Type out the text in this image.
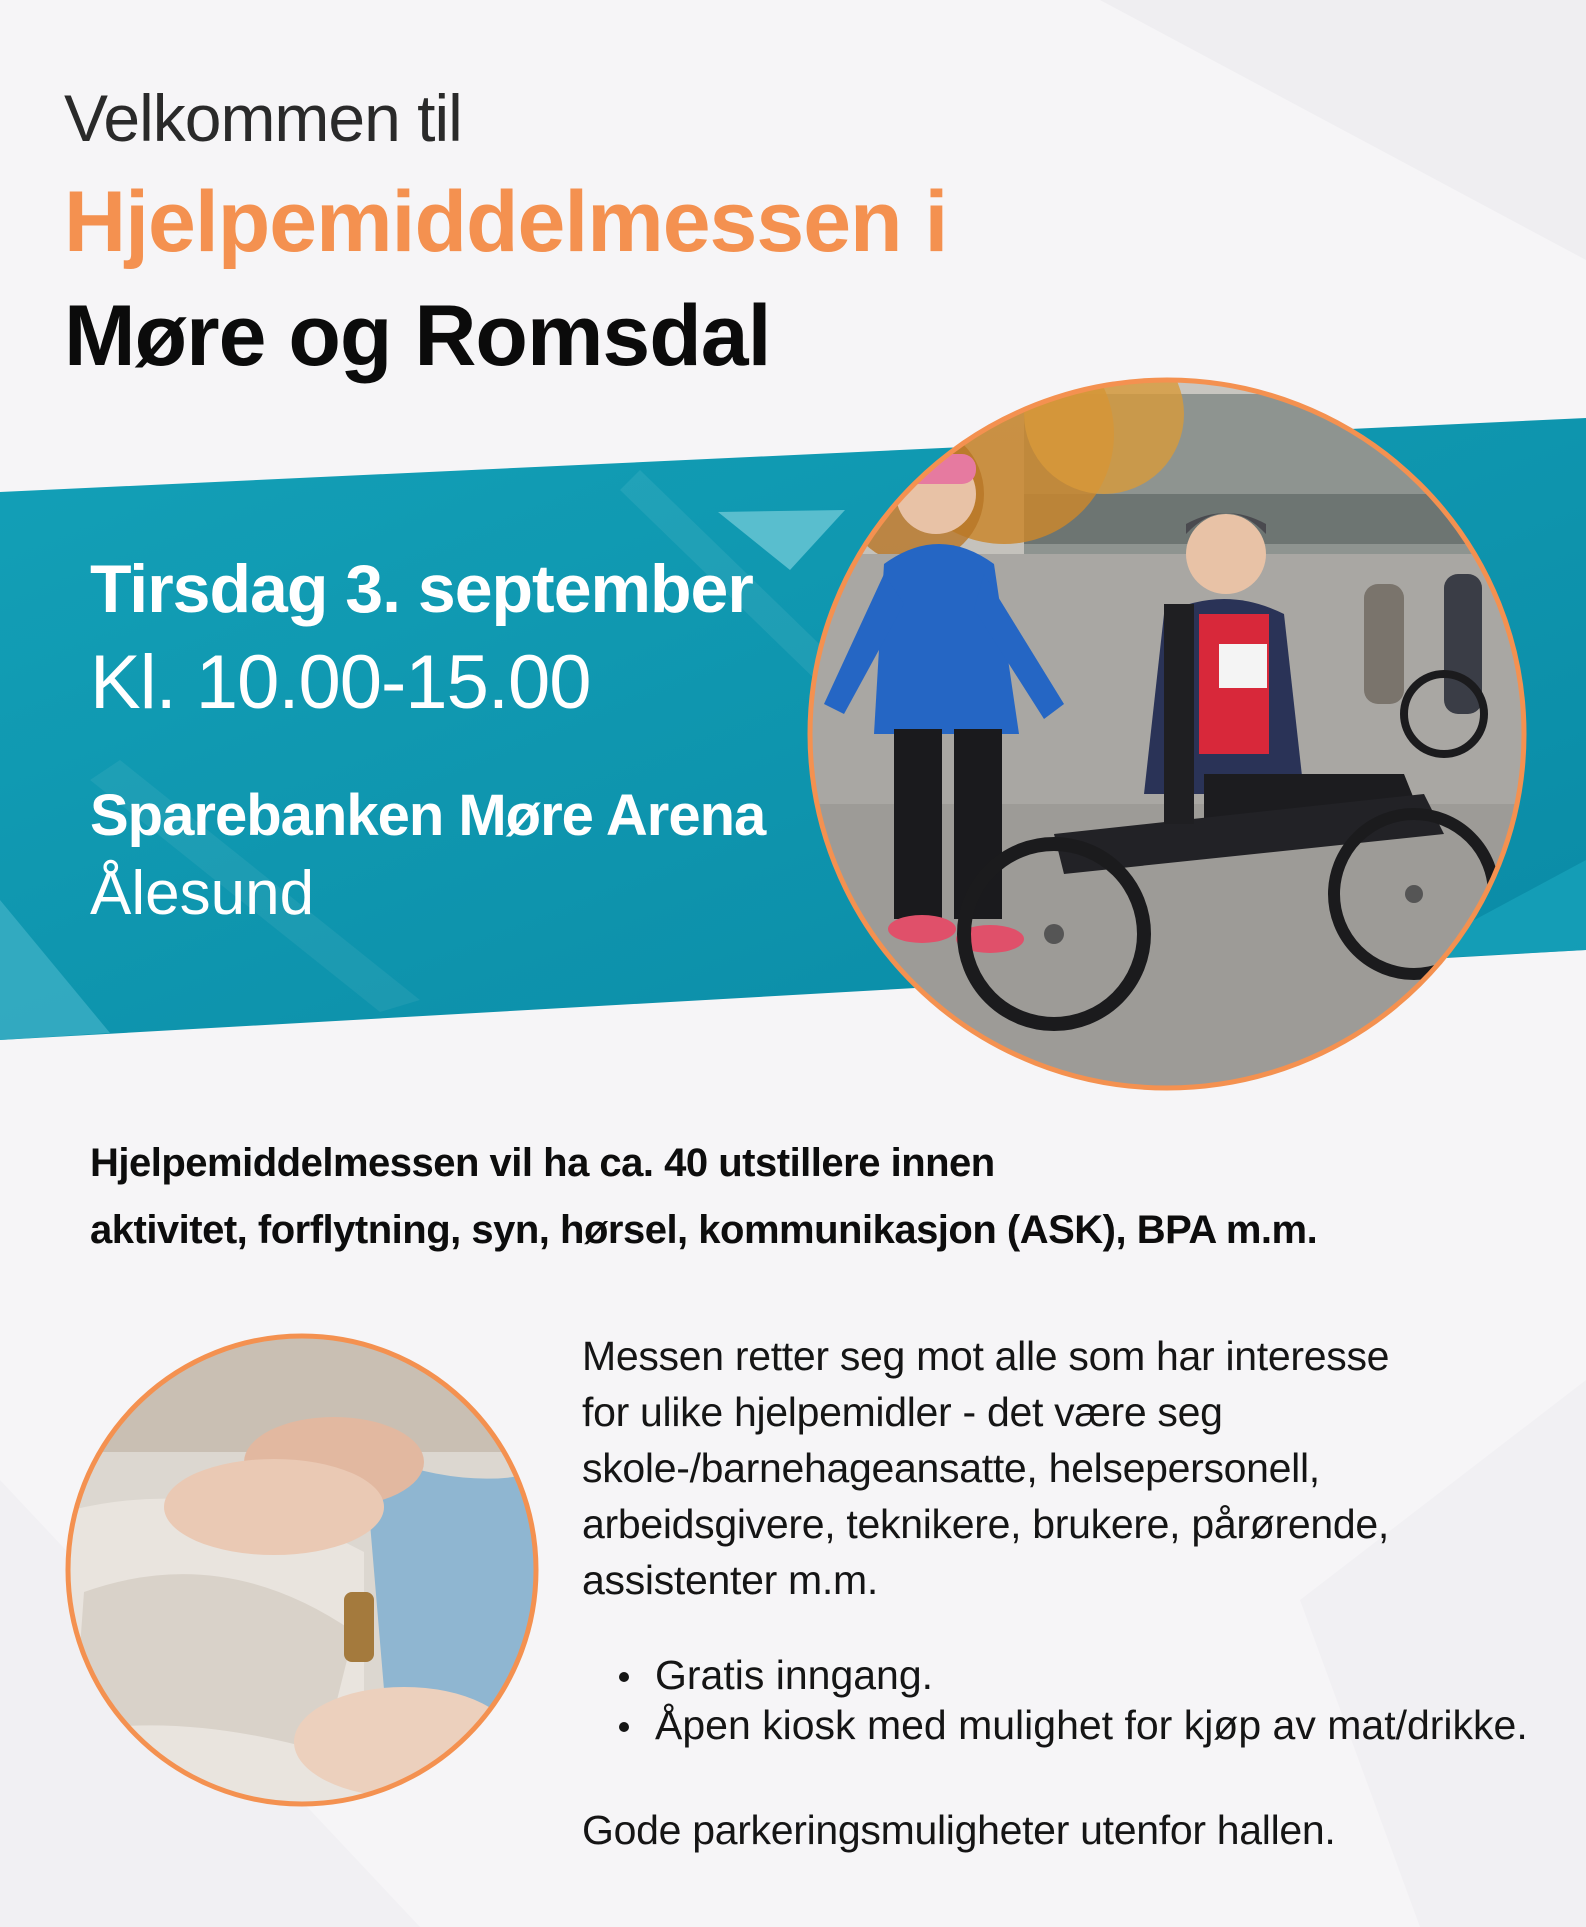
Velkommen til
Hjelpemiddelmessen i
Møre og Romsdal
Tirsdag 3. september
Kl. 10.00-15.00
Sparebanken Møre Arena
Ålesund
Hjelpemiddelmessen vil ha ca. 40 utstillere innen
aktivitet, forflytning, syn, hørsel, kommunikasjon (ASK), BPA m.m.
Messen retter seg mot alle som har interesse
for ulike hjelpemidler - det være seg
skole-/barnehageansatte, helsepersonell,
arbeidsgivere, teknikere, brukere, pårørende,
assistenter m.m.
Gratis inngang.
Åpen kiosk med mulighet for kjøp av mat/drikke.
Gode parkeringsmuligheter utenfor hallen.
